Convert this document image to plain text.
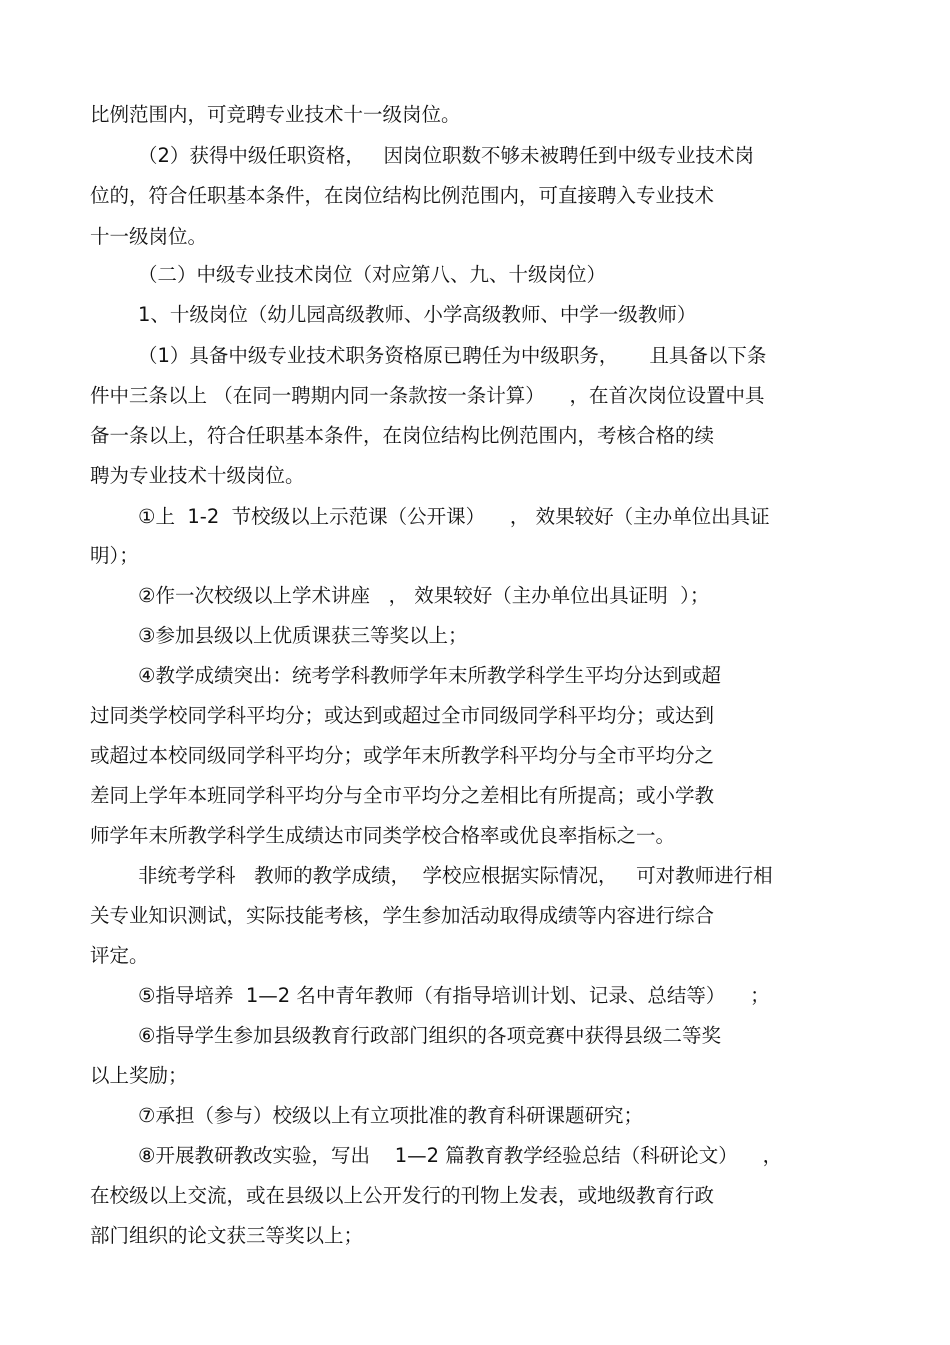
比例范围内，可竞聘专业技术十一级岗位。
（2）获得中级任职资格，   因岗位职数不够未被聘任到中级专业技术岗
位的，符合任职基本条件，在岗位结构比例范围内，可直接聘入专业技术
十一级岗位。
（二）中级专业技术岗位（对应第八、九、十级岗位）
1、十级岗位（幼儿园高级教师、小学高级教师、中学一级教师）
（1）具备中级专业技术职务资格原已聘任为中级职务，     且具备以下条
件中三条以上 （在同一聘期内同一条款按一条计算）    ，在首次岗位设置中具
备一条以上，符合任职基本条件，在岗位结构比例范围内，考核合格的续
聘为专业技术十级岗位。
①上  1-2  节校级以上示范课（公开课）    ， 效果较好（主办单位出具证
明）；
②作一次校级以上学术讲座   ， 效果较好（主办单位出具证明  ）；
③参加县级以上优质课获三等奖以上；
④教学成绩突出：统考学科教师学年末所教学科学生平均分达到或超
过同类学校同学科平均分；或达到或超过全市同级同学科平均分；或达到
或超过本校同级同学科平均分；或学年末所教学科平均分与全市平均分之
差同上学年本班同学科平均分与全市平均分之差相比有所提高；或小学教
师学年末所教学科学生成绩达市同类学校合格率或优良率指标之一。
非统考学科   教师的教学成绩，  学校应根据实际情况，   可对教师进行相
关专业知识测试，实际技能考核，学生参加活动取得成绩等内容进行综合
评定。
⑤指导培养  1—2 名中青年教师（有指导培训计划、记录、总结等）    ；
⑥指导学生参加县级教育行政部门组织的各项竞赛中获得县级二等奖
以上奖励；
⑦承担（参与）校级以上有立项批准的教育科研课题研究；
⑧开展教研教改实验，写出    1—2 篇教育教学经验总结（科研论文）    ，
在校级以上交流，或在县级以上公开发行的刊物上发表，或地级教育行政
部门组织的论文获三等奖以上；
